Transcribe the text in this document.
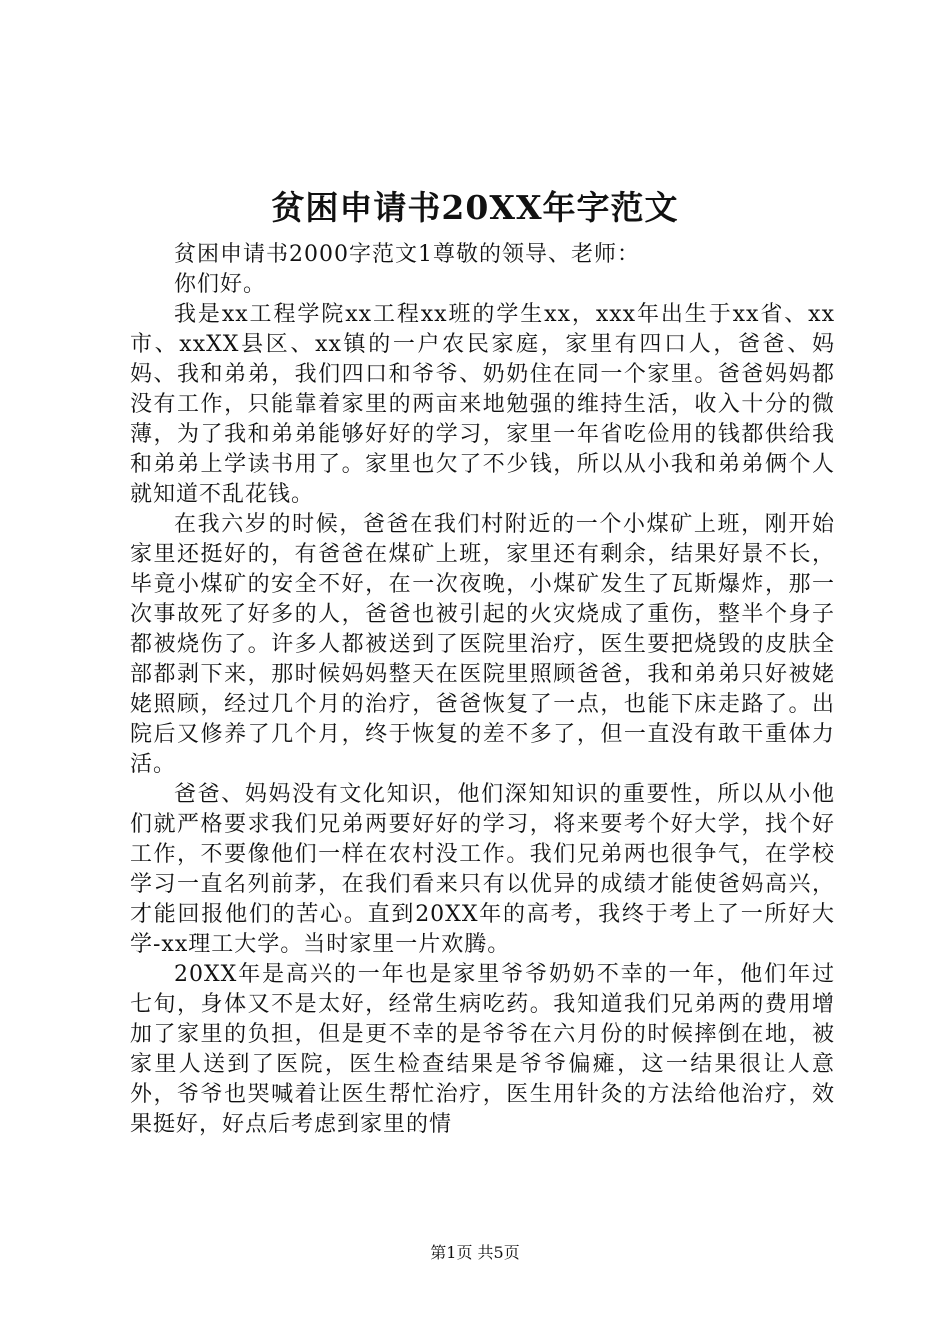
贫困申请书20XX年字范文

贫困申请书2000字范文1尊敬的领导、老师：

你们好。

我是xx工程学院xx工程xx班的学生xx，xxx年出生于xx省、xx市、xxXX县区、xx镇的一户农民家庭，家里有四口人，爸爸、妈妈、我和弟弟，我们四口和爷爷、奶奶住在同一个家里。爸爸妈妈都没有工作，只能靠着家里的两亩来地勉强的维持生活，收入十分的微薄，为了我和弟弟能够好好的学习，家里一年省吃俭用的钱都供给我和弟弟上学读书用了。家里也欠了不少钱，所以从小我和弟弟俩个人就知道不乱花钱。

在我六岁的时候，爸爸在我们村附近的一个小煤矿上班，刚开始家里还挺好的，有爸爸在煤矿上班，家里还有剩余，结果好景不长，毕竟小煤矿的安全不好，在一次夜晚，小煤矿发生了瓦斯爆炸，那一次事故死了好多的人，爸爸也被引起的火灾烧成了重伤，整半个身子都被烧伤了。许多人都被送到了医院里治疗，医生要把烧毁的皮肤全部都剥下来，那时候妈妈整天在医院里照顾爸爸，我和弟弟只好被姥姥照顾，经过几个月的治疗，爸爸恢复了一点，也能下床走路了。出院后又修养了几个月，终于恢复的差不多了，但一直没有敢干重体力活。

爸爸、妈妈没有文化知识，他们深知知识的重要性，所以从小他们就严格要求我们兄弟两要好好的学习，将来要考个好大学，找个好工作，不要像他们一样在农村没工作。我们兄弟两也很争气，在学校学习一直名列前茅，在我们看来只有以优异的成绩才能使爸妈高兴，才能回报他们的苦心。直到20XX年的高考，我终于考上了一所好大学-xx理工大学。当时家里一片欢腾。

20XX年是高兴的一年也是家里爷爷奶奶不幸的一年，他们年过七旬，身体又不是太好，经常生病吃药。我知道我们兄弟两的费用增加了家里的负担，但是更不幸的是爷爷在六月份的时候摔倒在地，被家里人送到了医院，医生检查结果是爷爷偏瘫，这一结果很让人意外，爷爷也哭喊着让医生帮忙治疗，医生用针灸的方法给他治疗，效果挺好，好点后考虑到家里的情

第1页 共5页
